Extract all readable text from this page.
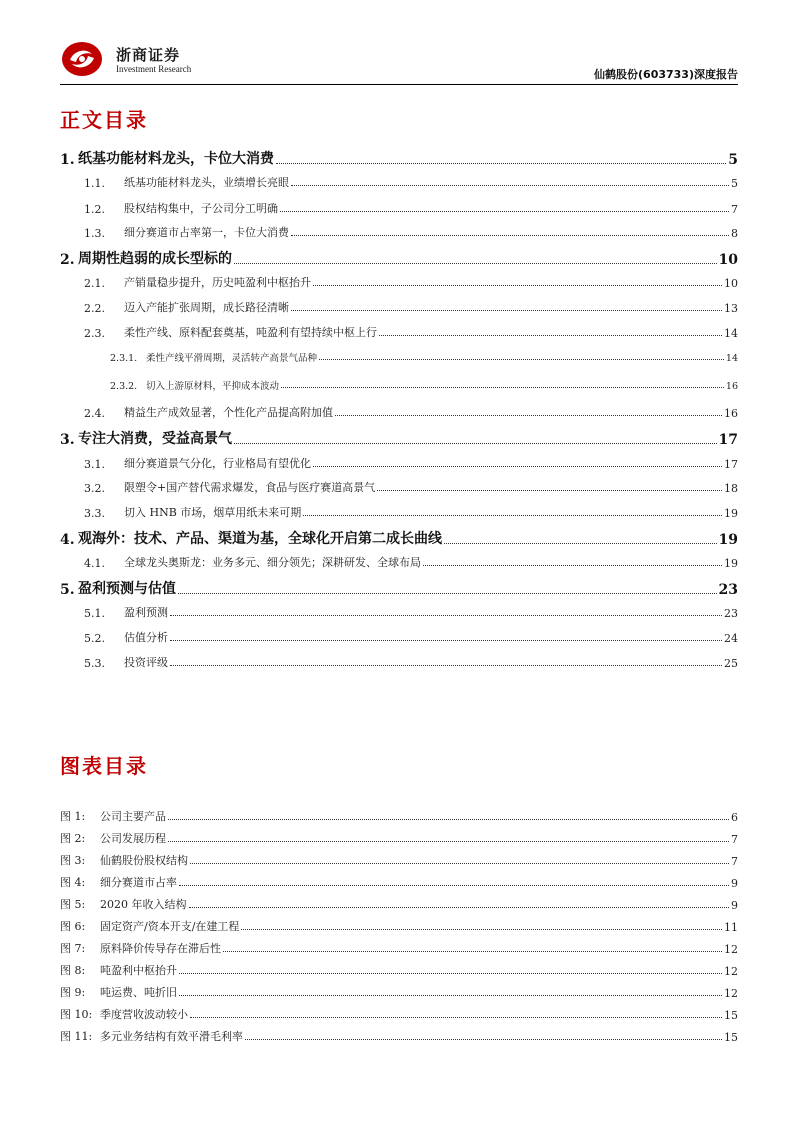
浙商证券
Investment Research	仙鹤股份(603733)深度报告
正文目录
1. 纸基功能材料龙头，卡位大消费	5
1.1.	纸基功能材料龙头，业绩增长亮眼	5
1.2.	股权结构集中，子公司分工明确	7
1.3.	细分赛道市占率第一，卡位大消费	8
2. 周期性趋弱的成长型标的	10
2.1.	产销量稳步提升，历史吨盈利中枢抬升	10
2.2.	迈入产能扩张周期，成长路径清晰	13
2.3.	柔性产线、原料配套奠基，吨盈利有望持续中枢上行	14
2.3.1. 柔性产线平滑周期，灵活转产高景气品种	14
2.3.2. 切入上游原材料，平抑成本波动	16
2.4.	精益生产成效显著，个性化产品提高附加值	16
3. 专注大消费，受益高景气	17
3.1.	细分赛道景气分化，行业格局有望优化	17
3.2.	限塑令+国产替代需求爆发，食品与医疗赛道高景气	18
3.3.	切入 HNB 市场，烟草用纸未来可期	19
4. 观海外：技术、产品、渠道为基，全球化开启第二成长曲线	19
4.1.	全球龙头奥斯龙：业务多元、细分领先；深耕研发、全球布局	19
5. 盈利预测与估值	23
5.1.	盈利预测	23
5.2.	估值分析	24
5.3.	投资评级	25
图表目录
图 1:	公司主要产品	6
图 2:	公司发展历程	7
图 3:	仙鹤股份股权结构	7
图 4:	细分赛道市占率	9
图 5:	2020 年收入结构	9
图 6:	固定资产/资本开支/在建工程	11
图 7:	原料降价传导存在滞后性	12
图 8:	吨盈利中枢抬升	12
图 9:	吨运费、吨折旧	12
图 10: 季度营收波动较小	15
图 11: 多元业务结构有效平滑毛利率	15
